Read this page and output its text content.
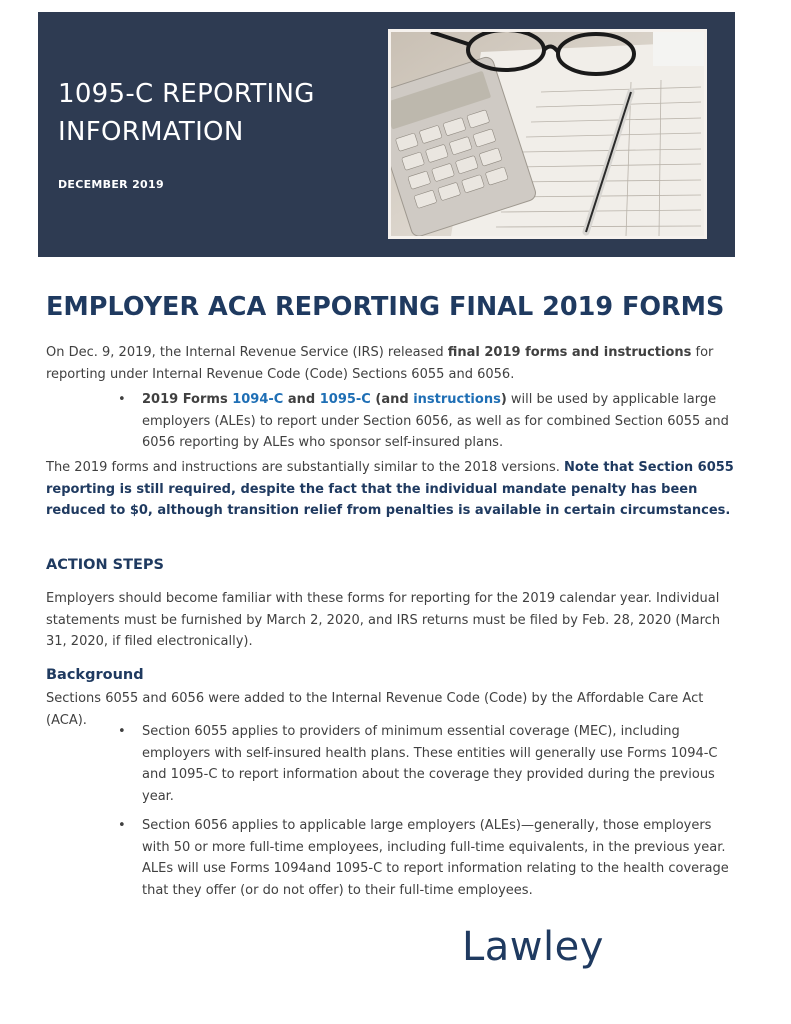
1095-C REPORTING
INFORMATION
DECEMBER 2019
EMPLOYER ACA REPORTING FINAL 2019 FORMS

On Dec. 9, 2019, the Internal Revenue Service (IRS) released final 2019 forms and instructions for reporting under Internal Revenue Code (Code) Sections 6055 and 6056.

• 2019 Forms 1094-C and 1095-C (and instructions) will be used by applicable large employers (ALEs) to report under Section 6056, as well as for combined Section 6055 and 6056 reporting by ALEs who sponsor self-insured plans.

The 2019 forms and instructions are substantially similar to the 2018 versions. Note that Section 6055 reporting is still required, despite the fact that the individual mandate penalty has been reduced to $0, although transition relief from penalties is available in certain circumstances.

ACTION STEPS

Employers should become familiar with these forms for reporting for the 2019 calendar year. Individual statements must be furnished by March 2, 2020, and IRS returns must be filed by Feb. 28, 2020 (March 31, 2020, if filed electronically).

Background

Sections 6055 and 6056 were added to the Internal Revenue Code (Code) by the Affordable Care Act (ACA).

• Section 6055 applies to providers of minimum essential coverage (MEC), including employers with self-insured health plans. These entities will generally use Forms 1094-C and 1095-C to report information about the coverage they provided during the previous year.
• Section 6056 applies to applicable large employers (ALEs)—generally, those employers with 50 or more full-time employees, including full-time equivalents, in the previous year. ALEs will use Forms 1094and 1095-C to report information relating to the health coverage that they offer (or do not offer) to their full-time employees.
Lawley
